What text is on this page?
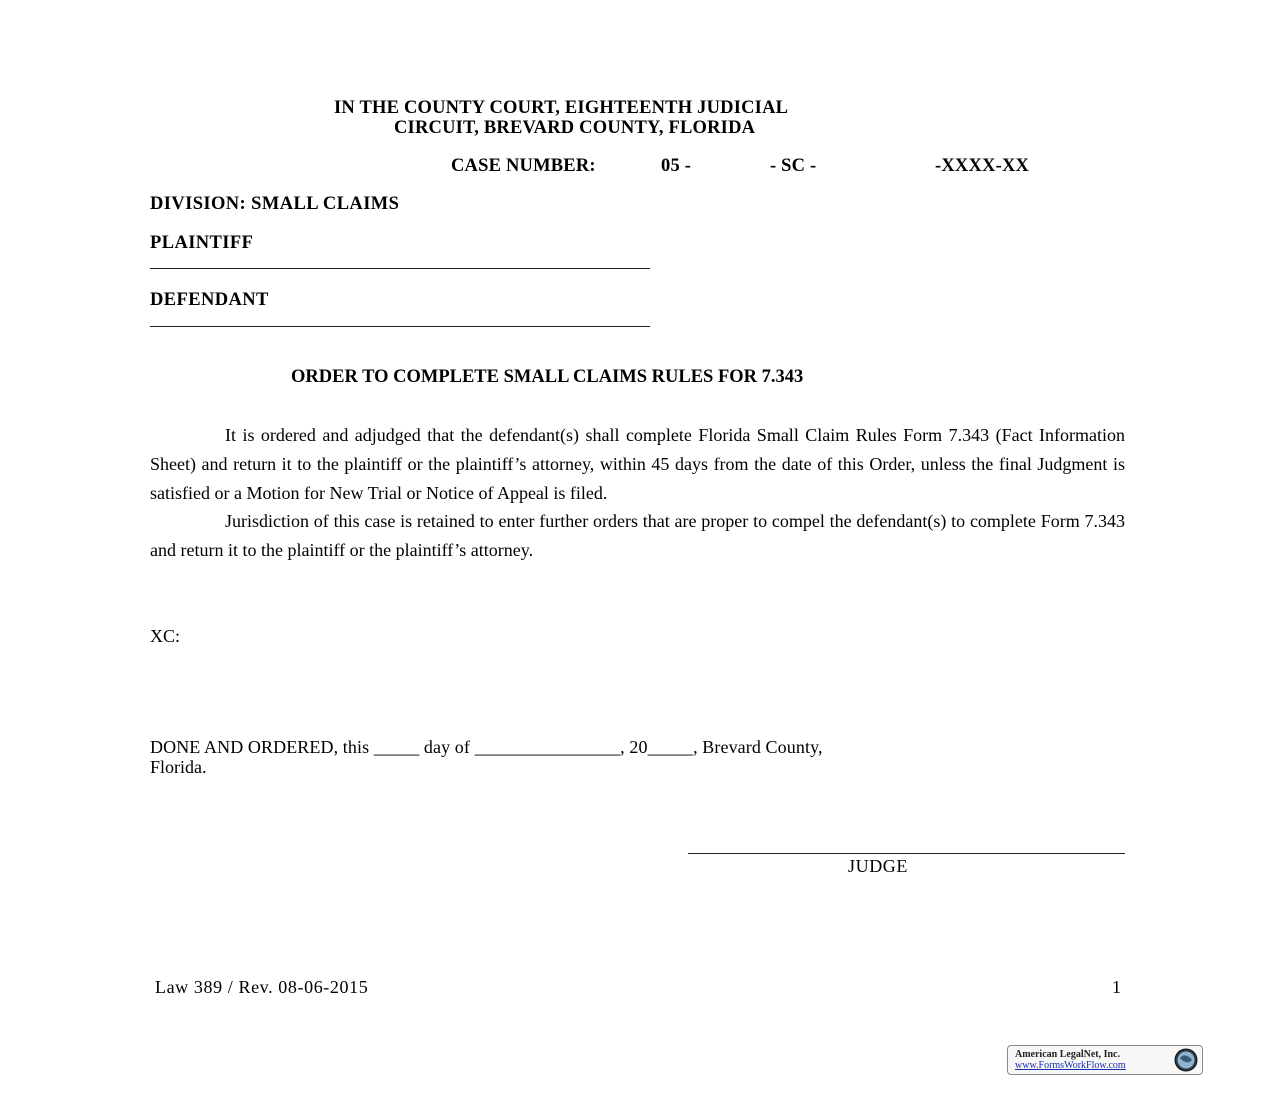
IN THE COUNTY COURT, EIGHTEENTH JUDICIAL
CIRCUIT, BREVARD COUNTY, FLORIDA
CASE NUMBER:	05 -	- SC -	-XXXX-XX
DIVISION: SMALL CLAIMS
PLAINTIFF
DEFENDANT
ORDER TO COMPLETE SMALL CLAIMS RULES FOR 7.343

It is ordered and adjudged that the defendant(s) shall complete Florida Small Claim Rules Form 7.343 (Fact Information Sheet) and return it to the plaintiff or the plaintiff’s attorney, within 45 days from the date of this Order, unless the final Judgment is satisfied or a Motion for New Trial or Notice of Appeal is filed.

Jurisdiction of this case is retained to enter further orders that are proper to compel the defendant(s) to complete Form 7.343 and return it to the plaintiff or the plaintiff’s attorney.

XC:
DONE AND ORDERED, this _____ day of ________________, 20_____, Brevard County,
Florida.
JUDGE
Law 389 / Rev. 08-06-2015	1
American LegalNet, Inc.
www.FormsWorkFlow.com
